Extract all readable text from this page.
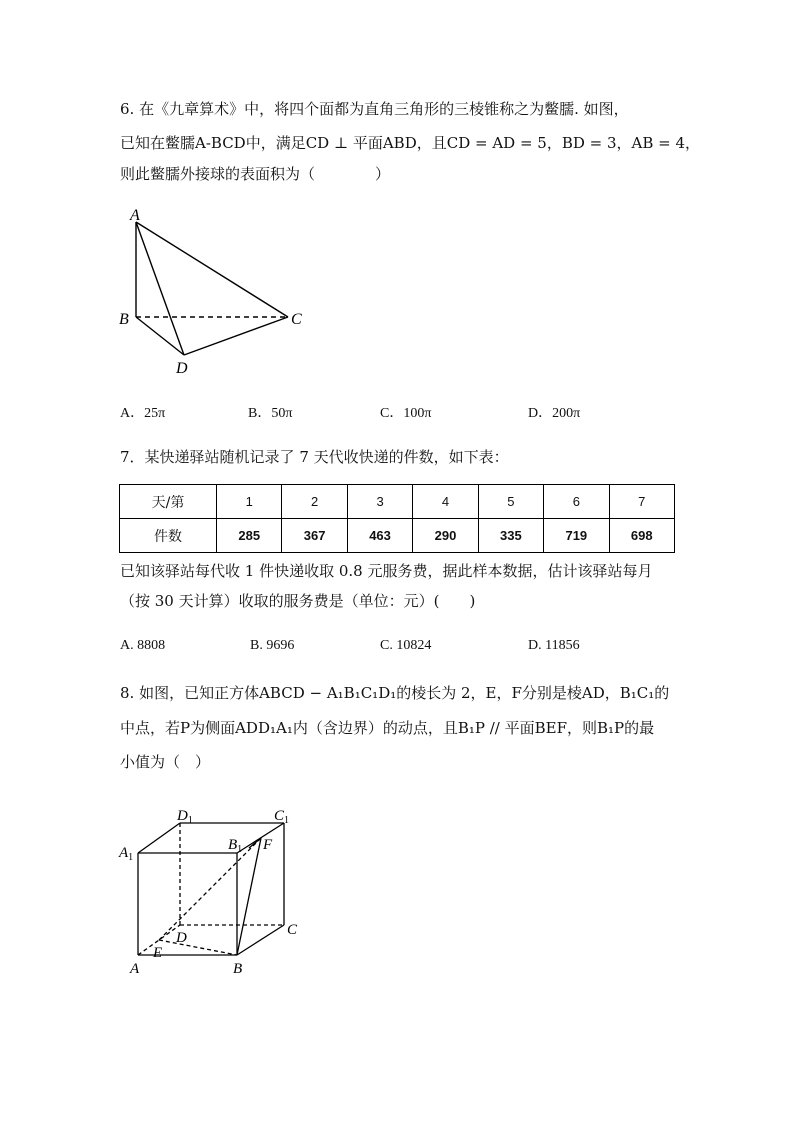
6. 在《九章算术》中，将四个面都为直角三角形的三棱锥称之为鳖臑. 如图，
已知在鳖臑A-BCD中，满足CD ⊥ 平面ABD，且CD = AD = 5，BD = 3，AB = 4，
则此鳖臑外接球的表面积为（　　　　）
A
B	C
D
A．25π	B．50π	C．100π	D．200π
7．某快递驿站随机记录了 7 天代收快递的件数，如下表：
天/第	1	2	3	4	5	6	7
件数	285	367	463	290	335	719	698
已知该驿站每代收 1 件快递收取 0.8 元服务费，据此样本数据，估计该驿站每月
（按 30 天计算）收取的服务费是（单位：元）(　　)
A. 8808	B. 9696	C. 10824	D. 11856
8. 如图，已知正方体ABCD − A₁B₁C₁D₁的棱长为 2，E，F分别是棱AD，B₁C₁的
中点，若P为侧面ADD₁A₁内（含边界）的动点，且B₁P // 平面BEF，则B₁P的最
小值为（　）
$D_1$	$C_1$
$A_1$
$B_1$ F
D	C
E
A	B
